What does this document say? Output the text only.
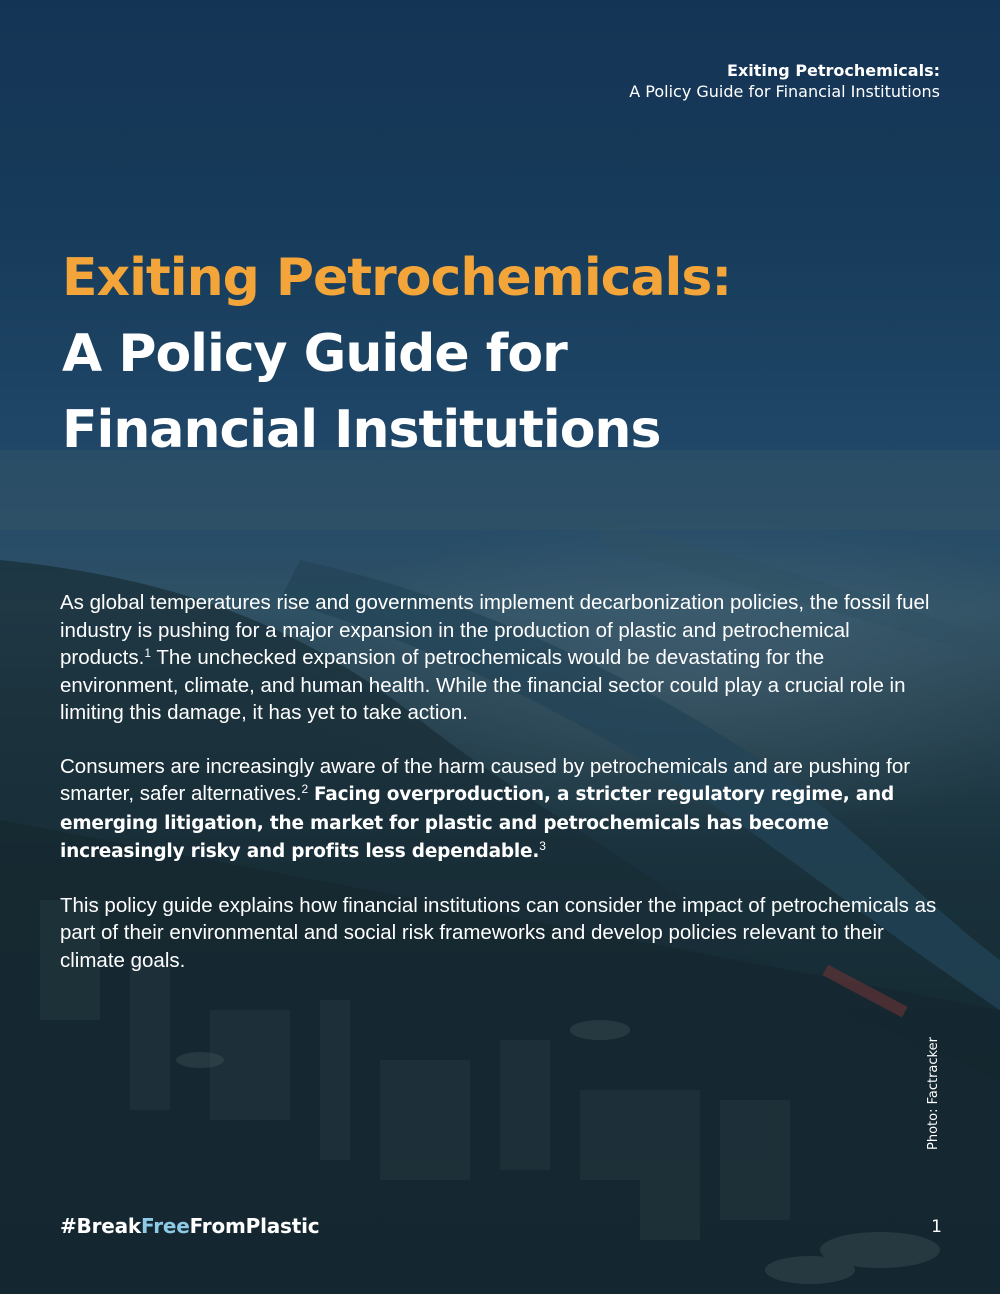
Exiting Petrochemicals:
A Policy Guide for Financial Institutions
Exiting Petrochemicals:
A Policy Guide for
Financial Institutions

As global temperatures rise and governments implement decarbonization policies, the fossil fuel industry is pushing for a major expansion in the production of plastic and petrochemical products.$^1$ The unchecked expansion of petrochemicals would be devastating for the environment, climate, and human health. While the financial sector could play a crucial role in limiting this damage, it has yet to take action.

Consumers are increasingly aware of the harm caused by petrochemicals and are pushing for smarter, safer alternatives.$^2$ Facing overproduction, a stricter regulatory regime, and emerging litigation, the market for plastic and petrochemicals has become increasingly risky and profits less dependable.$^3$

This policy guide explains how financial institutions can consider the impact of petrochemicals as part of their environmental and social risk frameworks and develop policies relevant to their climate goals.

Photo: Factracker
#BreakFreeFromPlastic	1
